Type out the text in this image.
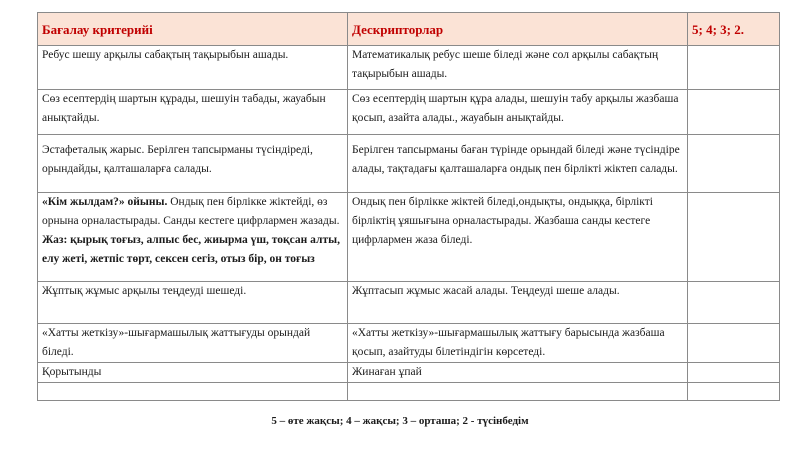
Бағалау критерийі	Дескрипторлар	5; 4; 3; 2.
Ребус шешу арқылы сабақтың тақырыбын ашады.	Математикалық ребус шеше біледі және сол арқылы сабақтың тақырыбын ашады.	
Сөз есептердің шартын құрады, шешуін табады, жауабын анықтайды.	Сөз есептердің шартын құра алады, шешуін табу арқылы жазбаша қосып, азайта алады., жауабын анықтайды.	
Эстафеталық жарыс. Берілген тапсырманы түсіндіреді, орындайды, қалташаларға салады.	Берілген тапсырманы баған түрінде орындай біледі және түсіндіре алады, тақтадағы қалташаларға ондық пен бірлікті жіктеп салады.	
«Кім жылдам?» ойыны. Ондық пен бірлікке жіктейді, өз орнына орналастырады. Санды кестеге цифрлармен жазады. Жаз: қырық тоғыз, алпыс бес, жиырма үш, тоқсан алты, елу жеті, жетпіс төрт, сексен сегіз, отыз бір, он тоғыз	Ондық пен бірлікке жіктей біледі,ондықты, ондыққа, бірлікті бірліктің ұяшығына орналастырады. Жазбаша санды кестеге цифрлармен жаза біледі.	
Жұптық жұмыс арқылы теңдеуді шешеді.	Жұптасып жұмыс жасай алады. Теңдеуді шеше алады.	
«Хатты жеткізу»-шығармашылық жаттығуды орындай біледі.	«Хатты жеткізу»-шығармашылық жаттығу барысында жазбаша қосып, азайтуды білетіндігін көрсетеді.	
Қорытынды	Жинаған ұпай	

5 – өте жақсы; 4 – жақсы; 3 – орташа; 2 - түсінбедім
